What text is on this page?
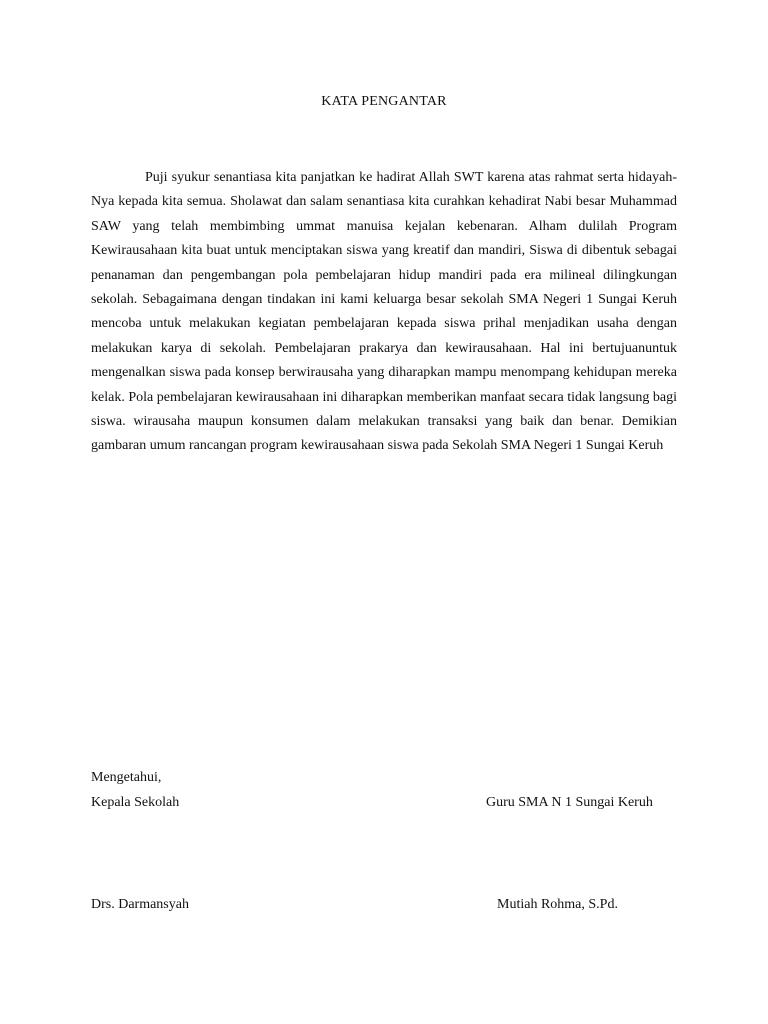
KATA PENGANTAR

Puji syukur senantiasa kita panjatkan ke hadirat Allah SWT karena atas rahmat serta hidayah-Nya kepada kita semua. Sholawat dan salam senantiasa kita curahkan kehadirat Nabi besar Muhammad SAW yang telah membimbing ummat manuisa kejalan kebenaran. Alham dulilah Program Kewirausahaan kita buat untuk menciptakan siswa yang kreatif dan mandiri, Siswa di dibentuk sebagai penanaman dan pengembangan pola pembelajaran hidup mandiri pada era milineal dilingkungan sekolah. Sebagaimana dengan tindakan ini kami keluarga besar sekolah SMA Negeri 1 Sungai Keruh mencoba untuk melakukan kegiatan pembelajaran kepada siswa prihal menjadikan usaha dengan melakukan karya di sekolah. Pembelajaran prakarya dan kewirausahaan. Hal ini bertujuanuntuk mengenalkan siswa pada konsep berwirausaha yang diharapkan mampu menompang kehidupan mereka kelak. Pola pembelajaran kewirausahaan ini diharapkan memberikan manfaat secara tidak langsung bagi siswa. wirausaha maupun konsumen dalam melakukan transaksi yang baik dan benar. Demikian gambaran umum rancangan program kewirausahaan siswa pada Sekolah SMA Negeri 1 Sungai Keruh

Mengetahui,
Kepala Sekolah	Guru SMA N 1 Sungai Keruh
Drs. Darmansyah	Mutiah Rohma, S.Pd.
